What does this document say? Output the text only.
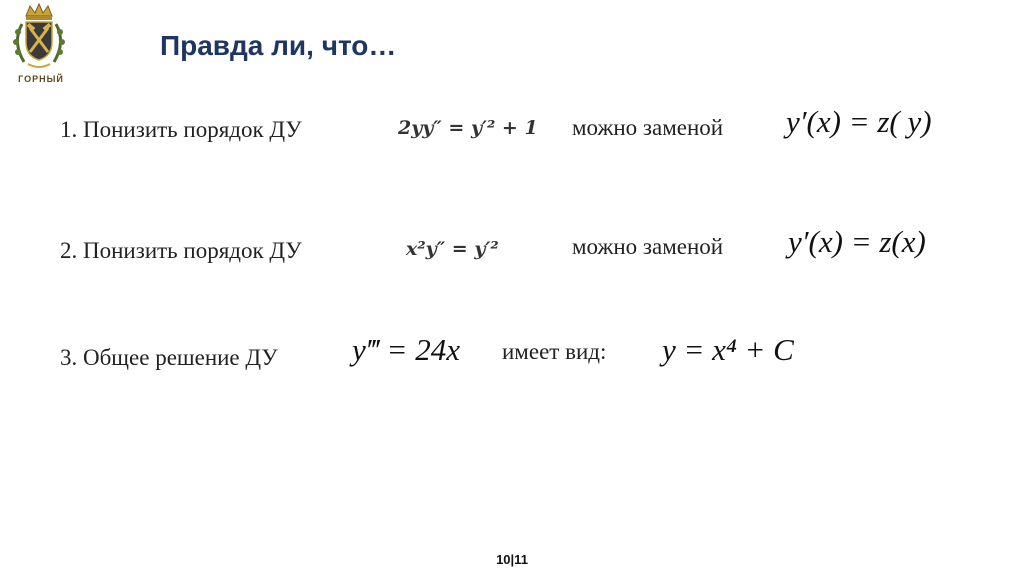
ГОРНЫЙ
Правда ли, что…
1. Понизить порядок ДУ	2yy″ = y′² + 1 можно заменой y′(x) = z( y)
2. Понизить порядок ДУ	x²y″ = y′²	можно заменой y′(x) = z(x)
3. Общее решение ДУ y‴ = 24x имеет вид: y = x⁴ + C
10|11
